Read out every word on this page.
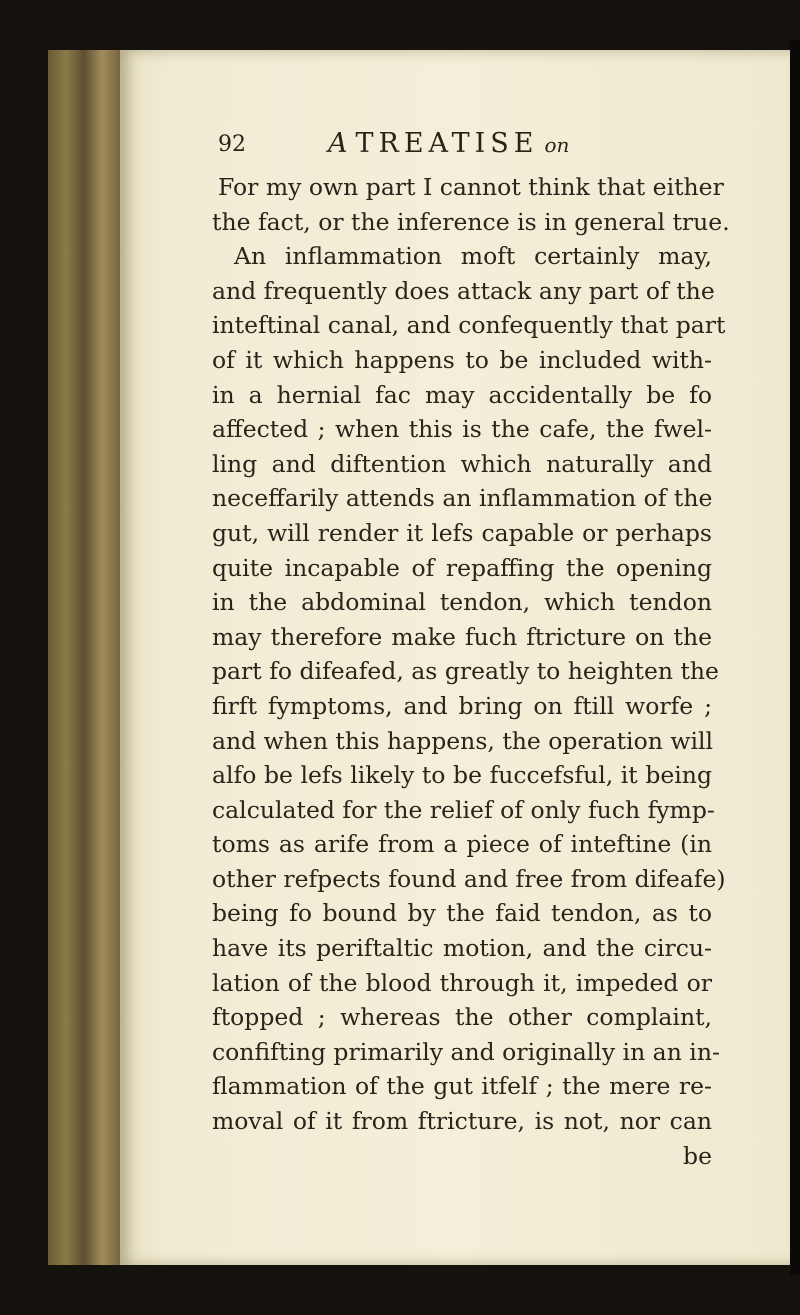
92	A TREATISE on
For my own part I cannot think that either
the fact, or the inference is in general true.
An inflammation moft certainly may,
and frequently does attack any part of the
inteftinal canal, and confequently that part
of it which happens to be included with-
in a hernial fac may accidentally be fo
affected ; when this is the cafe, the fwel-
ling and diftention which naturally and
neceffarily attends an inflammation of the
gut, will render it lefs capable or perhaps
quite incapable of repaffing the opening
in the abdominal tendon, which tendon
may therefore make fuch ftricture on the
part fo difeafed, as greatly to heighten the
firft fymptoms, and bring on ftill worfe ;
and when this happens, the operation will
alfo be lefs likely to be fuccefsful, it being
calculated for the relief of only fuch fymp-
toms as arife from a piece of inteftine (in
other refpects found and free from difeafe)
being fo bound by the faid tendon, as to
have its periftaltic motion, and the circu-
lation of the blood through it, impeded or
ftopped ; whereas the other complaint,
confifting primarily and originally in an in-
flammation of the gut itfelf ; the mere re-
moval of it from ftricture, is not, nor can
be
